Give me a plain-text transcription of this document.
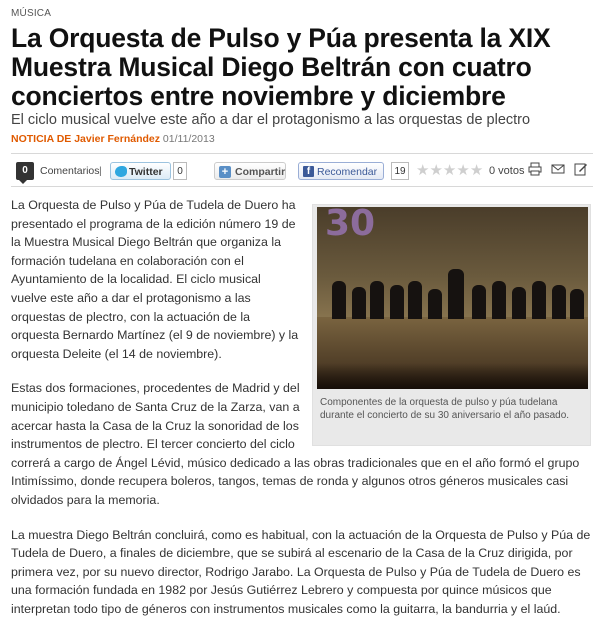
MÚSICA
La Orquesta de Pulso y Púa presenta la XIX Muestra Musical Diego Beltrán con cuatro conciertos entre noviembre y diciembre
El ciclo musical vuelve este año a dar el protagonismo a las orquestas de plectro
NOTICIA DE Javier Fernández 01/11/2013
0	Comentarios |	Twitter	0	+ Compartir	f Recomendar	19 ★★★★★ 0 votos
30
Componentes de la orquesta de pulso y púa tudelana durante el concierto de su 30 aniversario el año pasado.

La Orquesta de Pulso y Púa de Tudela de Duero ha presentado el programa de la edición número 19 de la Muestra Musical Diego Beltrán que organiza la formación tudelana en colaboración con el Ayuntamiento de la localidad. El ciclo musical vuelve este año a dar el protagonismo a las orquestas de plectro, con la actuación de la orquesta Bernardo Martínez (el 9 de noviembre) y la orquesta Deleite (el 14 de noviembre).

Estas dos formaciones, procedentes de Madrid y del municipio toledano de Santa Cruz de la Zarza, van a acercar hasta la Casa de la Cruz la sonoridad de los instrumentos de plectro. El tercer concierto del ciclo correrá a cargo de Ángel Lévid, músico dedicado a las obras tradicionales que en el año formó el grupo Intimíssimo, donde recupera boleros, tangos, temas de ronda y algunos otros géneros musicales casi olvidados para la memoria.

La muestra Diego Beltrán concluirá, como es habitual, con la actuación de la Orquesta de Pulso y Púa de Tudela de Duero, a finales de diciembre, que se subirá al escenario de la Casa de la Cruz dirigida, por primera vez, por su nuevo director, Rodrigo Jarabo. La Orquesta de Pulso y Púa de Tudela de Duero es una formación fundada en 1982 por Jesús Gutiérrez Lebrero y compuesta por quince músicos que interpretan todo tipo de géneros con instrumentos musicales como la guitarra, la bandurria y el laúd.
